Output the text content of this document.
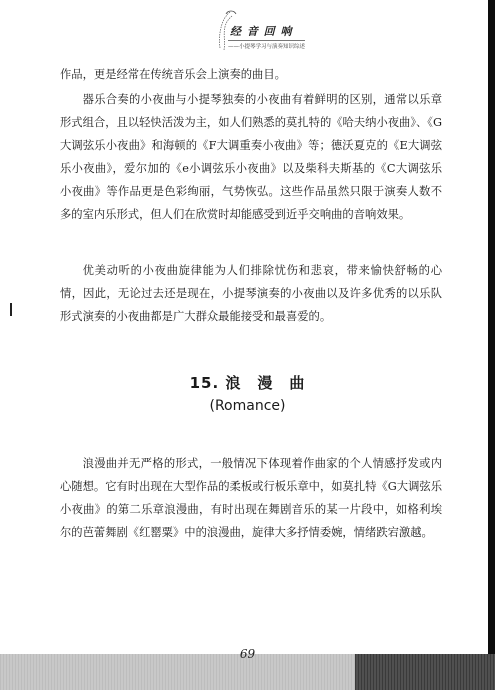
经 音 回 响
——小提琴学习与演奏知识综述

作品，更是经常在传统音乐会上演奏的曲目。

器乐合奏的小夜曲与小提琴独奏的小夜曲有着鲜明的区别，通常以乐章形式组合，且以轻快活泼为主，如人们熟悉的莫扎特的《哈夫纳小夜曲》、《G大调弦乐小夜曲》和海顿的《F大调重奏小夜曲》等；德沃夏克的《E大调弦乐小夜曲》，爱尔加的《e小调弦乐小夜曲》以及柴科夫斯基的《C大调弦乐小夜曲》等作品更是色彩绚丽，气势恢弘。这些作品虽然只限于演奏人数不多的室内乐形式，但人们在欣赏时却能感受到近乎交响曲的音响效果。

优美动听的小夜曲旋律能为人们排除忧伤和悲哀，带来愉快舒畅的心情，因此，无论过去还是现在，小提琴演奏的小夜曲以及许多优秀的以乐队形式演奏的小夜曲都是广大群众最能接受和最喜爱的。

15. 浪　漫　曲
(Romance)

浪漫曲并无严格的形式，一般情况下体现着作曲家的个人情感抒发或内心随想。它有时出现在大型作品的柔板或行板乐章中，如莫扎特《G大调弦乐小夜曲》的第二乐章浪漫曲，有时出现在舞剧音乐的某一片段中，如格利埃尔的芭蕾舞剧《红罂粟》中的浪漫曲，旋律大多抒情委婉，情绪跌宕激越。

69
